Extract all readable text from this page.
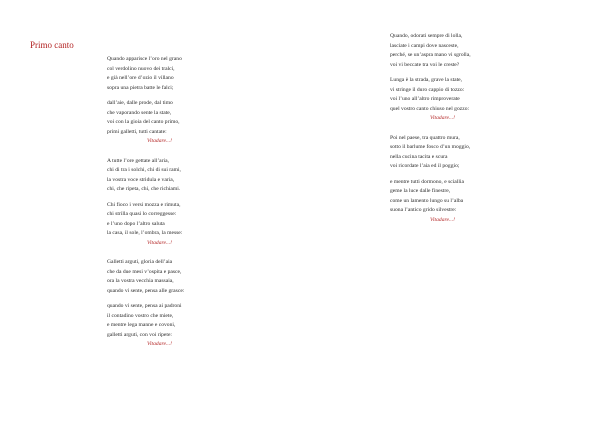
Primo canto
Quando apparisce l’oro nel grano
col verdolino nuovo dei tralci,
e già nell’ore d’ozio il villano
sopra una pietra batte le falci;
dall’aie, dalle prode, dal timo
che vaporando sente la state,
voi con la gioia del canto primo,
primi galletti, tutti cantate:
Vitadare...!
A tutte l’ore gettate all’aria,
chi di tra i solchi, chi di sui rami,
la vostra voce stridula e varia,
chi, che ripeta, chi, che richiami.
Chi fioco i versi mozza e rimuta,
chi strilla quasi lo correggesse:
e l’uno dopo l’altro saluta
la casa, il sole, l’ombra, la messe:
Vitadare...!
Galletti arguti, gloria dell’aia
che da due mesi v’ospita e pasce,
ora la vostra vecchia massaia,
quando vi sente, pensa alle grasce:
quando vi sente, pensa ai padroni
il contadino vostro che miete,
e mentre lega manne e covoni,
galletti arguti, con voi ripete:
Vitadare...!
Quando, odorati sempre di lolla,
lasciate i campi dove nasceste,
perché, se un’aspra mano vi sgrolla,
voi vi beccate tra voi le creste?
Lunga è la strada, grave la state,
vi stringe il duro cappio di tozzo:
voi l’uno all’altro rimproverate
quel vostro canto chiuso nel gozzo:
Vitadare...!
Poi nel paese, tra quattro mura,
sotto il barlume fosco d’un moggio,
nella cucina tacita e scura
voi ricordate l’aia ed il poggio;
e mentre tutti dormono, e sciallia
geme la luce dalle finestre,
come un lamento lungo su l’alba
suona l’antico grido silvestre:
Vitadare...!
